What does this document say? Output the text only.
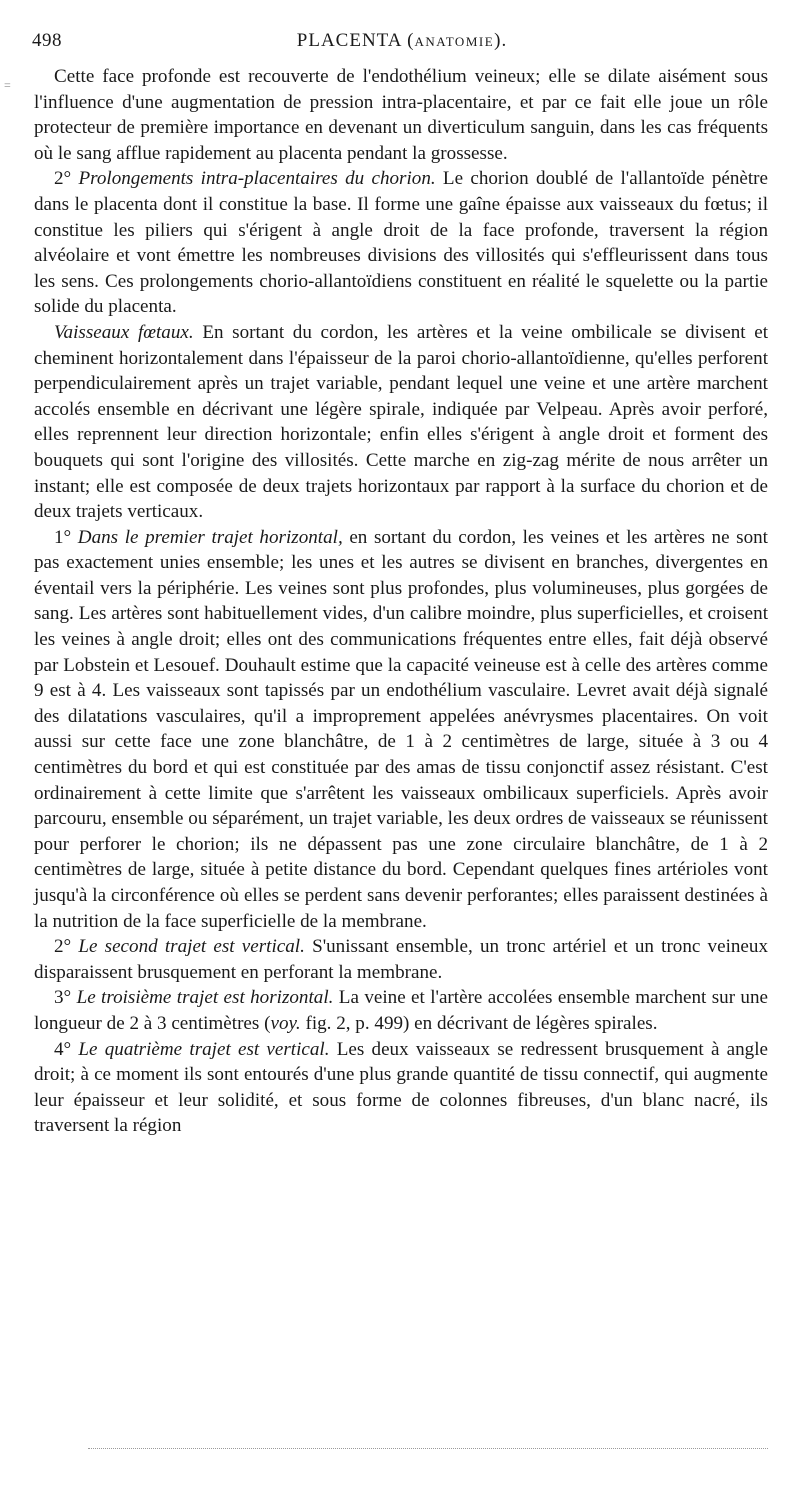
=
498	PLACENTA (ANATOMIE).

Cette face profonde est recouverte de l'endothélium veineux; elle se dilate aisément sous l'influence d'une augmentation de pression intra-placentaire, et par ce fait elle joue un rôle protecteur de première importance en devenant un diverticulum sanguin, dans les cas fréquents où le sang afflue rapidement au placenta pendant la grossesse.

2° Prolongements intra-placentaires du chorion. Le chorion doublé de l'allantoïde pénètre dans le placenta dont il constitue la base. Il forme une gaîne épaisse aux vaisseaux du fœtus; il constitue les piliers qui s'érigent à angle droit de la face profonde, traversent la région alvéolaire et vont émettre les nombreuses divisions des villosités qui s'effleurissent dans tous les sens. Ces prolongements chorio-allantoïdiens constituent en réalité le squelette ou la partie solide du placenta.

Vaisseaux fœtaux. En sortant du cordon, les artères et la veine ombilicale se divisent et cheminent horizontalement dans l'épaisseur de la paroi chorio-allantoïdienne, qu'elles perforent perpendiculairement après un trajet variable, pendant lequel une veine et une artère marchent accolés ensemble en décrivant une légère spirale, indiquée par Velpeau. Après avoir perforé, elles reprennent leur direction horizontale; enfin elles s'érigent à angle droit et forment des bouquets qui sont l'origine des villosités. Cette marche en zig-zag mérite de nous arrêter un instant; elle est composée de deux trajets horizontaux par rapport à la surface du chorion et de deux trajets verticaux.

1° Dans le premier trajet horizontal, en sortant du cordon, les veines et les artères ne sont pas exactement unies ensemble; les unes et les autres se divisent en branches, divergentes en éventail vers la périphérie. Les veines sont plus profondes, plus volumineuses, plus gorgées de sang. Les artères sont habituellement vides, d'un calibre moindre, plus superficielles, et croisent les veines à angle droit; elles ont des communications fréquentes entre elles, fait déjà observé par Lobstein et Lesouef. Douhault estime que la capacité veineuse est à celle des artères comme 9 est à 4. Les vaisseaux sont tapissés par un endothélium vasculaire. Levret avait déjà signalé des dilatations vasculaires, qu'il a improprement appelées anévrysmes placentaires. On voit aussi sur cette face une zone blanchâtre, de 1 à 2 centimètres de large, située à 3 ou 4 centimètres du bord et qui est constituée par des amas de tissu conjonctif assez résistant. C'est ordinairement à cette limite que s'arrêtent les vaisseaux ombilicaux superficiels. Après avoir parcouru, ensemble ou séparément, un trajet variable, les deux ordres de vaisseaux se réunissent pour perforer le chorion; ils ne dépassent pas une zone circulaire blanchâtre, de 1 à 2 centimètres de large, située à petite distance du bord. Cependant quelques fines artérioles vont jusqu'à la circonférence où elles se perdent sans devenir perforantes; elles paraissent destinées à la nutrition de la face superficielle de la membrane.

2° Le second trajet est vertical. S'unissant ensemble, un tronc artériel et un tronc veineux disparaissent brusquement en perforant la membrane.

3° Le troisième trajet est horizontal. La veine et l'artère accolées ensemble marchent sur une longueur de 2 à 3 centimètres (voy. fig. 2, p. 499) en décrivant de légères spirales.

4° Le quatrième trajet est vertical. Les deux vaisseaux se redressent brusquement à angle droit; à ce moment ils sont entourés d'une plus grande quantité de tissu connectif, qui augmente leur épaisseur et leur solidité, et sous forme de colonnes fibreuses, d'un blanc nacré, ils traversent la région
